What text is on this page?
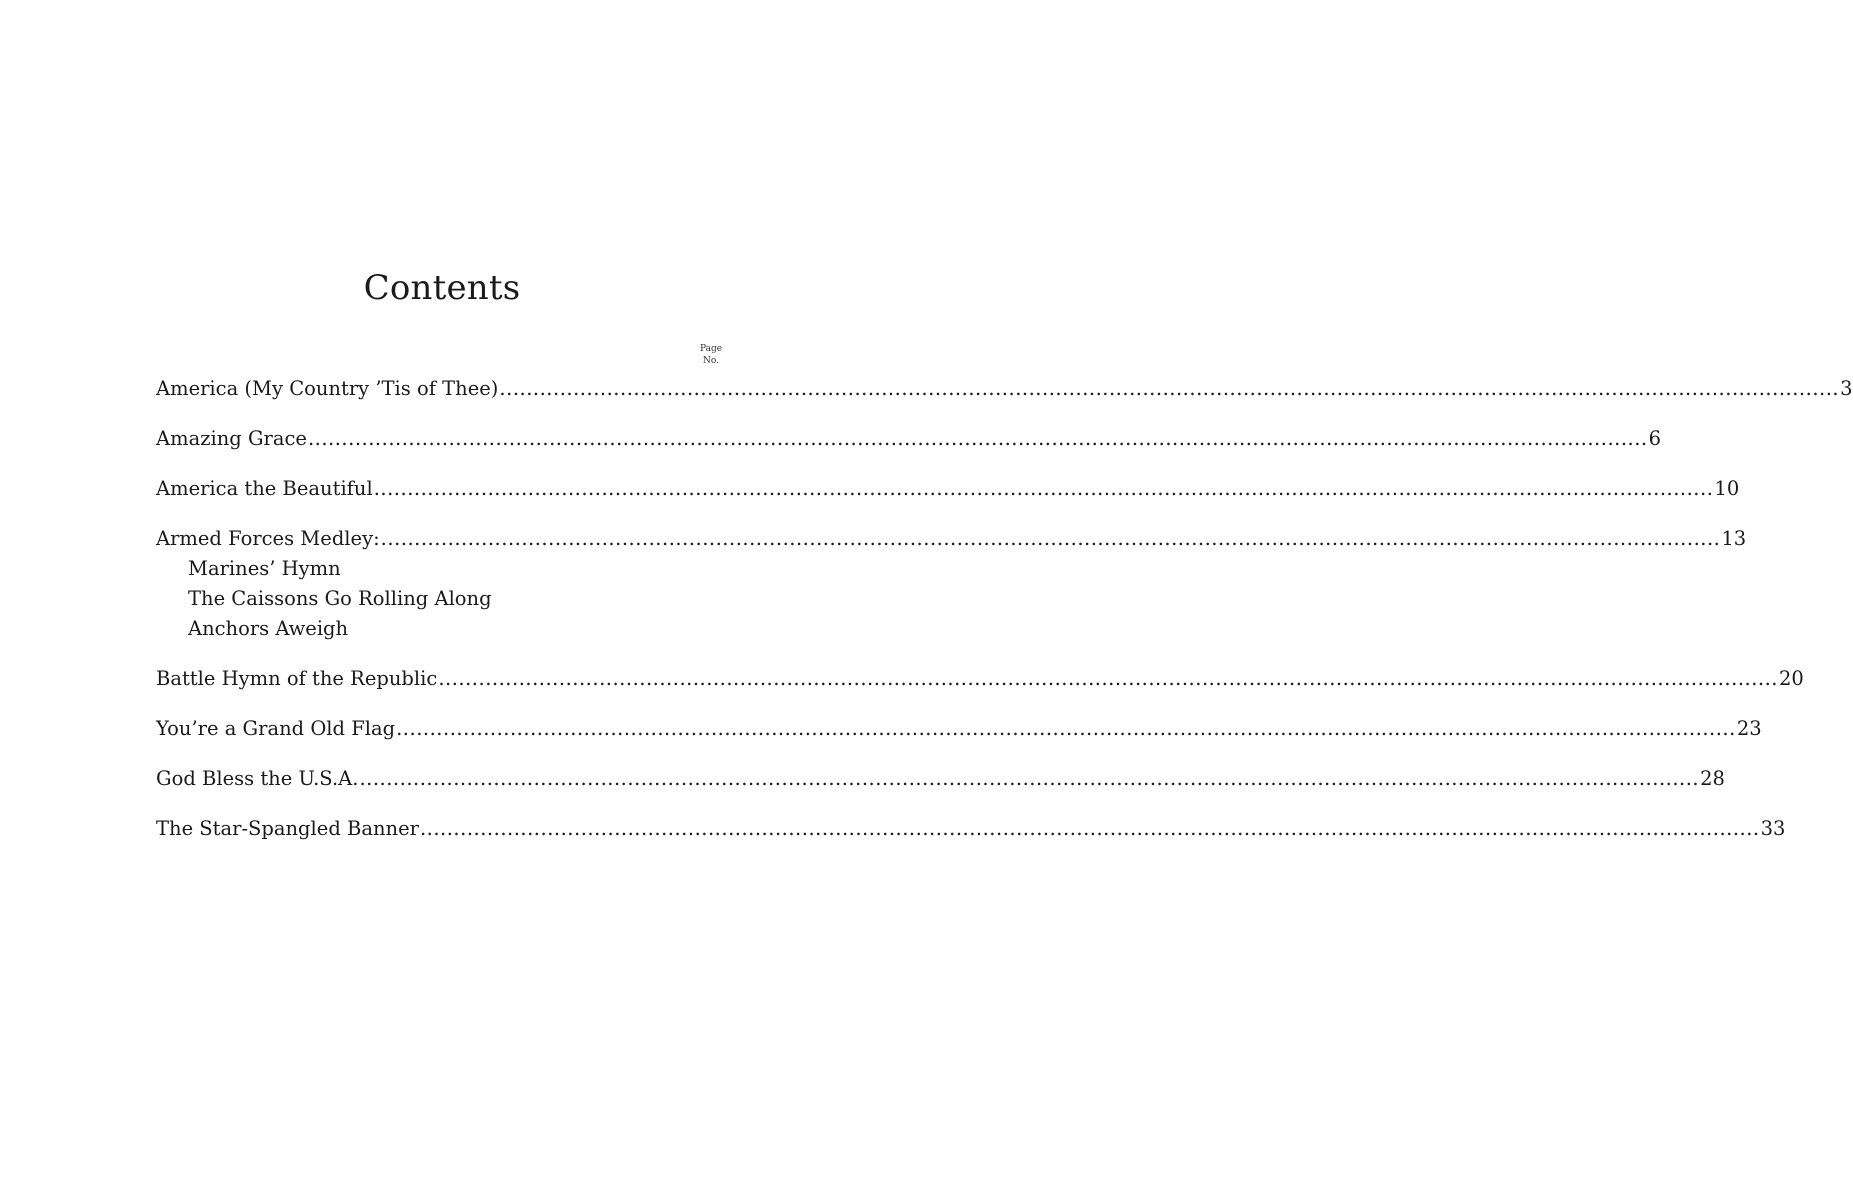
Contents
Page
No.
America (My Country ’Tis of Thee) ........................................................................................................................................................................................................ 3
Amazing Grace ........................................................................................................................................................................................................ 6
America the Beautiful ........................................................................................................................................................................................................ 10
Armed Forces Medley: ........................................................................................................................................................................................................ 13
Marines’ Hymn
The Caissons Go Rolling Along
Anchors Aweigh
Battle Hymn of the Republic ........................................................................................................................................................................................................ 20
You’re a Grand Old Flag ........................................................................................................................................................................................................ 23
God Bless the U.S.A. ........................................................................................................................................................................................................ 28
The Star-Spangled Banner ........................................................................................................................................................................................................ 33
